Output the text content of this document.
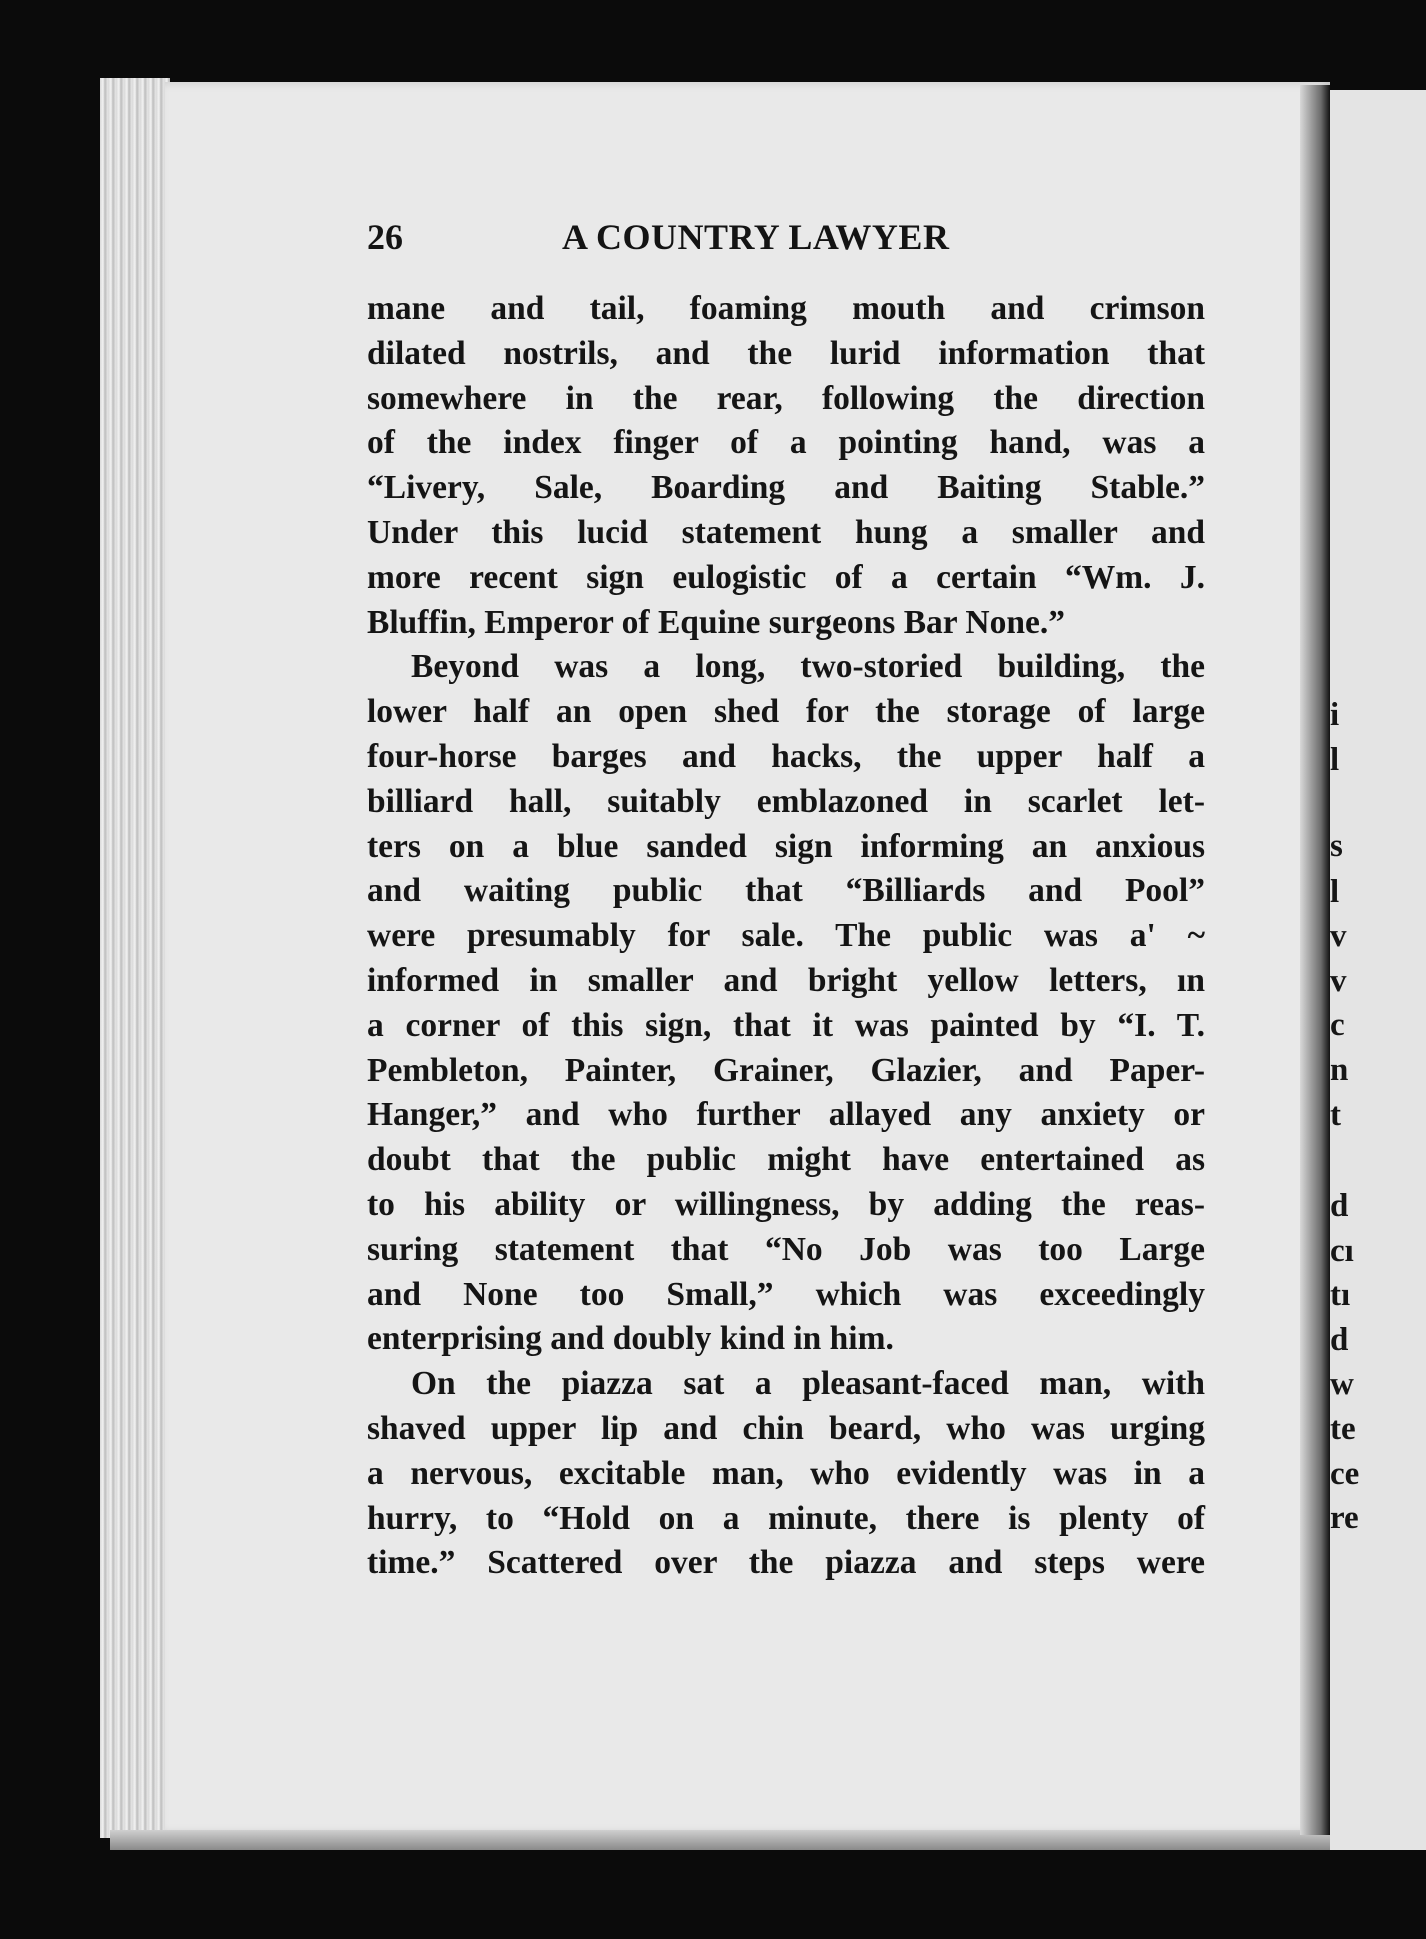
i
l
s
l
v
v
c
n
t
d
cı
tı
d
w
te
ce
re
26	A COUNTRY LAWYER
mane and tail, foaming mouth and crimson
dilated nostrils, and the lurid information that
somewhere in the rear, following the direction
of the index finger of a pointing hand, was a
“Livery, Sale, Boarding and Baiting Stable.”
Under this lucid statement hung a smaller and
more recent sign eulogistic of a certain “Wm. J.
Bluffin, Emperor of Equine surgeons Bar None.”
Beyond was a long, two-storied building, the
lower half an open shed for the storage of large
four-horse barges and hacks, the upper half a
billiard hall, suitably emblazoned in scarlet let-
ters on a blue sanded sign informing an anxious
and waiting public that “Billiards and Pool”
were presumably for sale. The public was a' ~
informed in smaller and bright yellow letters, ın
a corner of this sign, that it was painted by “I. T.
Pembleton, Painter, Grainer, Glazier, and Paper-
Hanger,” and who further allayed any anxiety or
doubt that the public might have entertained as
to his ability or willingness, by adding the reas-
suring statement that “No Job was too Large
and None too Small,” which was exceedingly
enterprising and doubly kind in him.
On the piazza sat a pleasant-faced man, with
shaved upper lip and chin beard, who was urging
a nervous, excitable man, who evidently was in a
hurry, to “Hold on a minute, there is plenty of
time.” Scattered over the piazza and steps were
